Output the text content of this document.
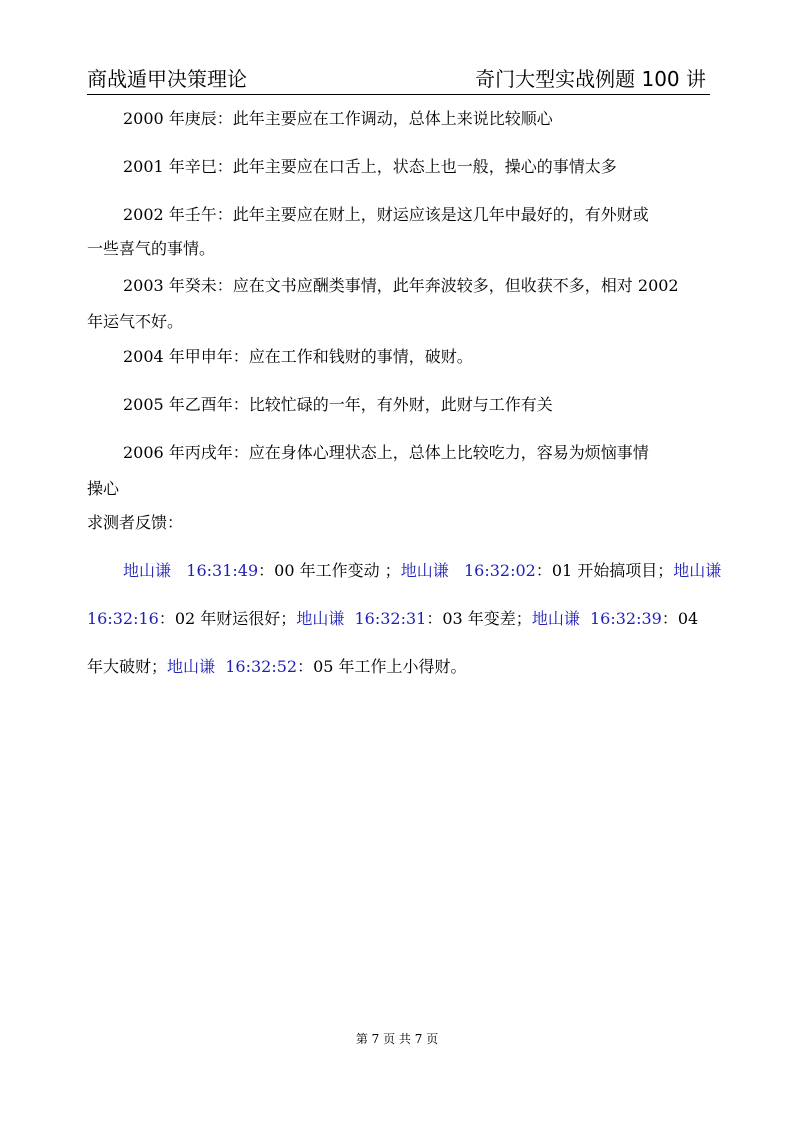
商战遁甲决策理论	奇门大型实战例题 100 讲
2000 年庚辰：此年主要应在工作调动，总体上来说比较顺心
2001 年辛巳：此年主要应在口舌上，状态上也一般，操心的事情太多
2002 年壬午：此年主要应在财上，财运应该是这几年中最好的，有外财或
一些喜气的事情。
2003 年癸未：应在文书应酬类事情，此年奔波较多，但收获不多，相对 2002
年运气不好。
2004 年甲申年：应在工作和钱财的事情，破财。
2005 年乙酉年：比较忙碌的一年，有外财，此财与工作有关
2006 年丙戌年：应在身体心理状态上，总体上比较吃力，容易为烦恼事情
操心
求测者反馈：
地山谦 16:31:49：00 年工作变动 ；地山谦 16:32:02：01 开始搞项目；地山谦
16:32:16：02 年财运很好；地山谦 16:32:31：03 年变差；地山谦 16:32:39：04
年大破财；地山谦 16:32:52：05 年工作上小得财。
第 7 页 共 7 页
